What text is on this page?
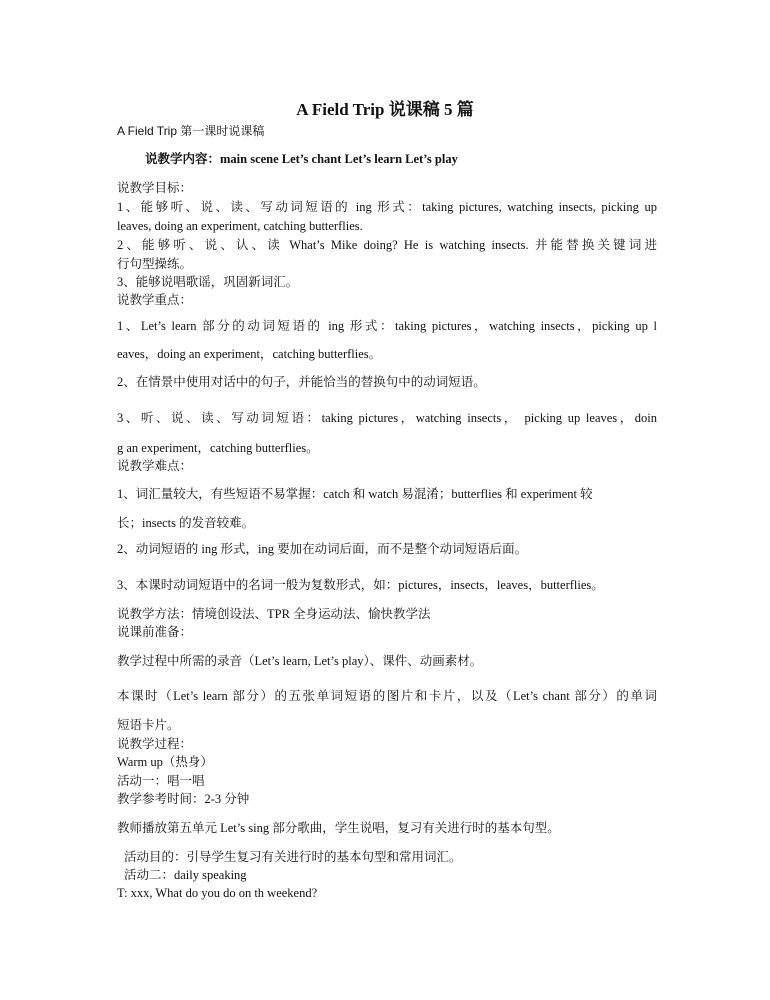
A Field Trip 说课稿 5 篇
A Field Trip 第一课时说课稿
说教学内容：main scene Let’s chant Let’s learn Let’s play
说教学目标：
1、能够听、说、读、写动词短语的 ing 形式：taking pictures, watching insects, picking up
leaves, doing an experiment, catching butterflies.
2、能够听、说、认、读 What’s Mike doing? He is watching insects. 并能替换关键词进
行句型操练。
3、能够说唱歌谣，巩固新词汇。
说教学重点：
1、Let’s learn 部分的动词短语的 ing 形式：taking pictures，watching insects，picking up l
eaves，doing an experiment，catching butterflies。
2、在情景中使用对话中的句子，并能恰当的替换句中的动词短语。
3、听、说、读、写动词短语：taking pictures，watching insects， picking up leaves，doin
g an experiment，catching butterflies。
说教学难点：
1、词汇量较大，有些短语不易掌握：catch 和 watch 易混淆；butterflies 和 experiment 较
长；insects 的发音较难。
2、动词短语的 ing 形式，ing 要加在动词后面，而不是整个动词短语后面。
3、本课时动词短语中的名词一般为复数形式，如：pictures，insects，leaves，butterflies。
说教学方法：情境创设法、TPR 全身运动法、愉快教学法
说课前准备：
教学过程中所需的录音（Let’s learn, Let’s play）、课件、动画素材。
本课时（Let’s learn 部分）的五张单词短语的图片和卡片，以及（Let’s chant 部分）的单词
短语卡片。
说教学过程：
Warm up（热身）
活动一：唱一唱
教学参考时间：2-3 分钟
教师播放第五单元 Let’s sing 部分歌曲，学生说唱，复习有关进行时的基本句型。
活动目的：引导学生复习有关进行时的基本句型和常用词汇。
活动二：daily speaking
T: xxx, What do you do on th weekend?
